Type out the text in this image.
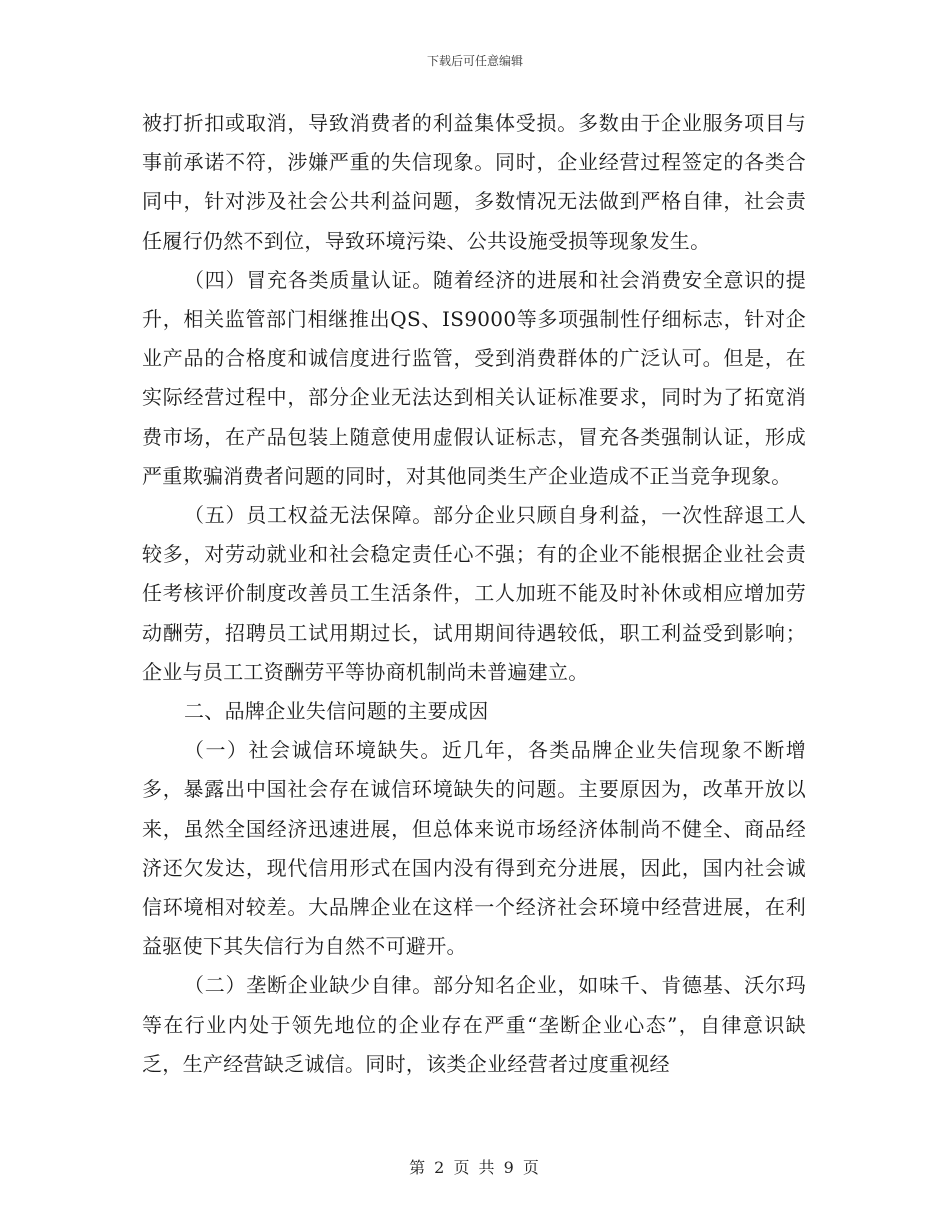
下载后可任意编辑

被打折扣或取消，导致消费者的利益集体受损。多数由于企业服务项目与事前承诺不符，涉嫌严重的失信现象。同时，企业经营过程签定的各类合同中，针对涉及社会公共利益问题，多数情况无法做到严格自律，社会责任履行仍然不到位，导致环境污染、公共设施受损等现象发生。

（四）冒充各类质量认证。随着经济的进展和社会消费安全意识的提升，相关监管部门相继推出QS、IS9000等多项强制性仔细标志，针对企业产品的合格度和诚信度进行监管，受到消费群体的广泛认可。但是，在实际经营过程中，部分企业无法达到相关认证标准要求，同时为了拓宽消费市场，在产品包装上随意使用虚假认证标志，冒充各类强制认证，形成严重欺骗消费者问题的同时，对其他同类生产企业造成不正当竞争现象。

（五）员工权益无法保障。部分企业只顾自身利益，一次性辞退工人较多，对劳动就业和社会稳定责任心不强；有的企业不能根据企业社会责任考核评价制度改善员工生活条件，工人加班不能及时补休或相应增加劳动酬劳，招聘员工试用期过长，试用期间待遇较低，职工利益受到影响；企业与员工工资酬劳平等协商机制尚未普遍建立。

二、品牌企业失信问题的主要成因

（一）社会诚信环境缺失。近几年，各类品牌企业失信现象不断增多，暴露出中国社会存在诚信环境缺失的问题。主要原因为，改革开放以来，虽然全国经济迅速进展，但总体来说市场经济体制尚不健全、商品经济还欠发达，现代信用形式在国内没有得到充分进展，因此，国内社会诚信环境相对较差。大品牌企业在这样一个经济社会环境中经营进展，在利益驱使下其失信行为自然不可避开。

（二）垄断企业缺少自律。部分知名企业，如味千、肯德基、沃尔玛等在行业内处于领先地位的企业存在严重“垄断企业心态”，自律意识缺乏，生产经营缺乏诚信。同时，该类企业经营者过度重视经

第 2 页 共 9 页
